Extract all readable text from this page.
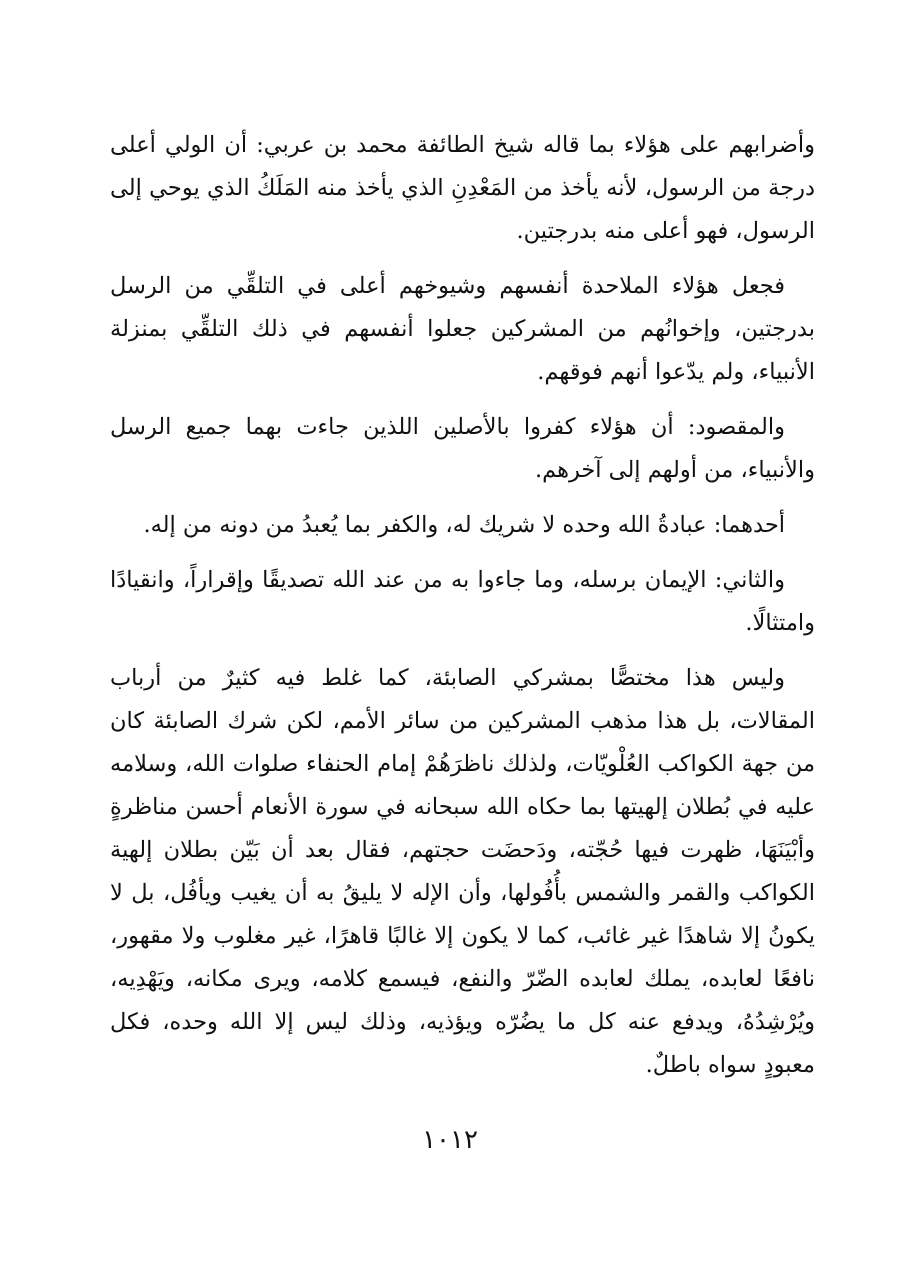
وأضرابهم على هؤلاء بما قاله شيخ الطائفة محمد بن عربي: أن الولي أعلى درجة من الرسول، لأنه يأخذ من المَعْدِنِ الذي يأخذ منه المَلَكُ الذي يوحي إلى الرسول، فهو أعلى منه بدرجتين.

فجعل هؤلاء الملاحدة أنفسهم وشيوخهم أعلى في التلقِّي من الرسل بدرجتين، وإخوانُهم من المشركين جعلوا أنفسهم في ذلك التلقِّي بمنزلة الأنبياء، ولم يدّعوا أنهم فوقهم.

والمقصود: أن هؤلاء كفروا بالأصلين اللذين جاءت بهما جميع الرسل والأنبياء، من أولهم إلى آخرهم.

أحدهما: عبادةُ الله وحده لا شريك له، والكفر بما يُعبدُ من دونه من إله.

والثاني: الإيمان برسله، وما جاءوا به من عند الله تصديقًا وإقراراً، وانقيادًا وامتثالًا.

وليس هذا مختصًّا بمشركي الصابئة، كما غلط فيه كثيرٌ من أرباب المقالات، بل هذا مذهب المشركين من سائر الأمم، لكن شرك الصابئة كان من جهة الكواكب العُلْويّات، ولذلك ناظرَهُمْ إمام الحنفاء صلوات الله، وسلامه عليه في بُطلان إلهيتها بما حكاه الله سبحانه في سورة الأنعام أحسن مناظرةٍ وأبْيَنَهَا، ظهرت فيها حُجّته، ودَحضَت حجتهم، فقال بعد أن بَيّن بطلان إلهية الكواكب والقمر والشمس بأُفُولها، وأن الإله لا يليقُ به أن يغيب ويأفُل، بل لا يكونُ إلا شاهدًا غير غائب، كما لا يكون إلا غالبًا قاهرًا، غير مغلوب ولا مقهور، نافعًا لعابده، يملك لعابده الضّرّ والنفع، فيسمع كلامه، ويرى مكانه، ويَهْدِيه، ويُرْشِدُهُ، ويدفع عنه كل ما يضُرّه ويؤذيه، وذلك ليس إلا الله وحده، فكل معبودٍ سواه باطلٌ.

١٠١٢
